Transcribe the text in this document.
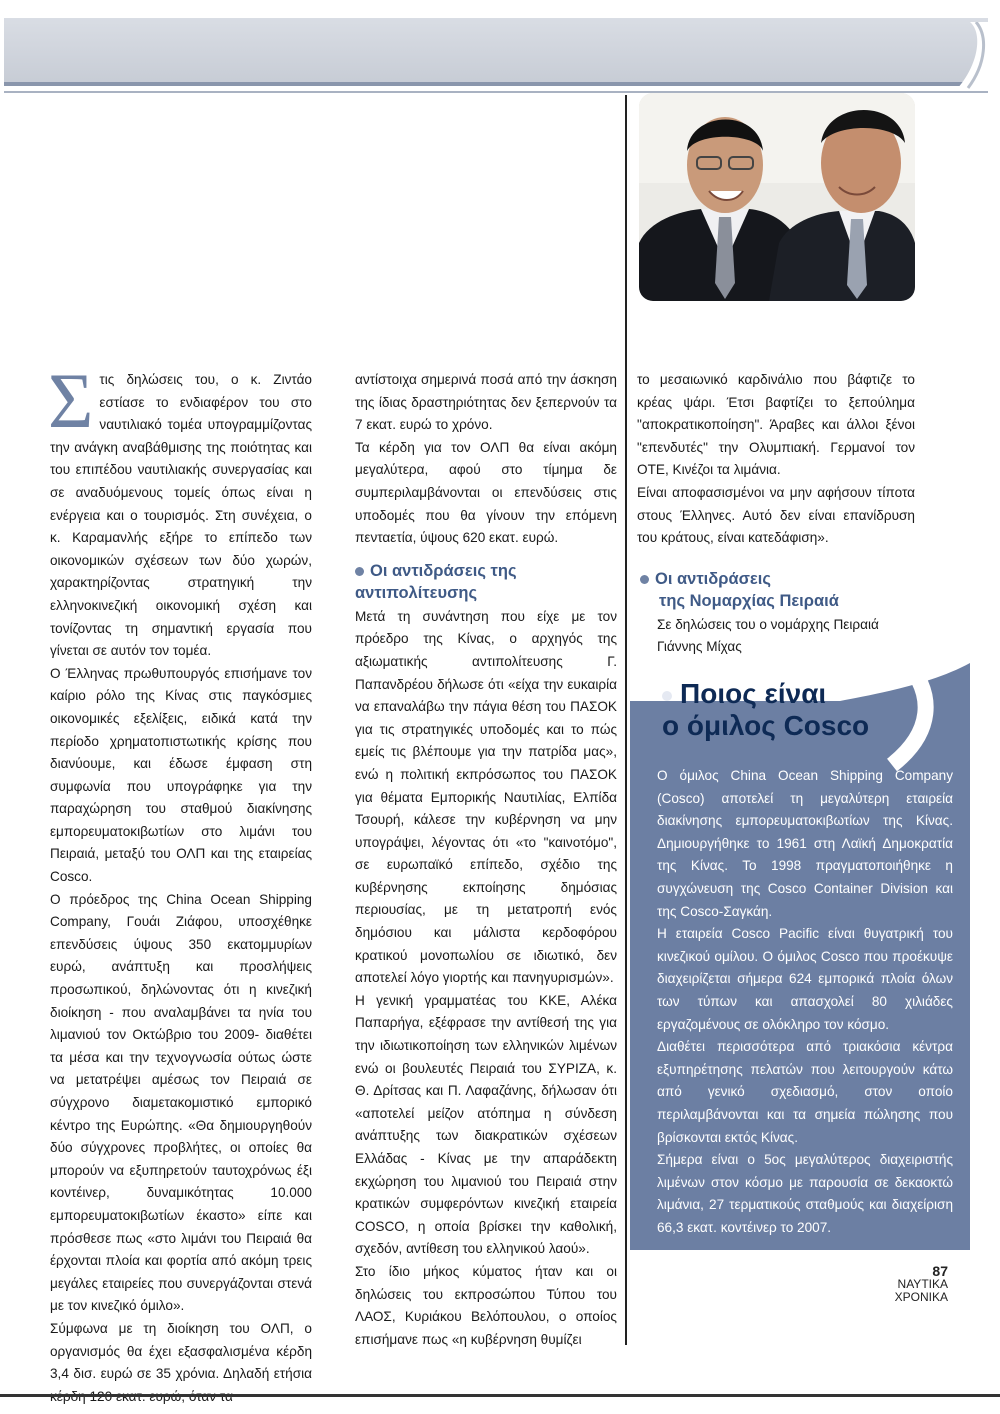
Σ τις δηλώσεις του, ο κ. Ζιντάο εστίασε το ενδιαφέρον του στο ναυτιλιακό τομέα υπογραμμίζοντας την ανάγκη αναβάθμισης της ποιότητας και του επιπέδου ναυτιλιακής συνεργασίας και σε αναδυόμενους τομείς όπως είναι η ενέργεια και ο τουρισμός. Στη συνέχεια, ο κ. Καραμανλής εξήρε το επίπεδο των οικονομικών σχέσεων των δύο χωρών, χαρακτηρίζοντας στρατηγική την ελληνοκινεζική οικονομική σχέση και τονίζοντας τη σημαντική εργασία που γίνεται σε αυτόν τον τομέα.

Ο Έλληνας πρωθυπουργός επισήμανε τον καίριο ρόλο της Κίνας στις παγκόσμιες οικονομικές εξελίξεις, ειδικά κατά την περίοδο χρηματοπιστωτικής κρίσης που διανύουμε, και έδωσε έμφαση στη συμφωνία που υπογράφηκε για την παραχώρηση του σταθμού διακίνησης εμπορευματοκιβωτίων στο λιμάνι του Πειραιά, μεταξύ του ΟΛΠ και της εταιρείας Cosco.

Ο πρόεδρος της China Ocean Shipping Company, Γουάι Ζιάφου, υποσχέθηκε επενδύσεις ύψους 350 εκατομμυρίων ευρώ, ανάπτυξη και προσλήψεις προσωπικού, δηλώνοντας ότι η κινεζική διοίκηση - που αναλαμβάνει τα ηνία του λιμανιού τον Οκτώβριο του 2009- διαθέτει τα μέσα και την τεχνογνωσία ούτως ώστε να μετατρέψει αμέσως τον Πειραιά σε σύγχρονο διαμετακομιστικό εμπορικό κέντρο της Ευρώπης. «Θα δημιουργηθούν δύο σύγχρονες προβλήτες, οι οποίες θα μπορούν να εξυπηρετούν ταυτοχρόνως έξι κοντέινερ, δυναμικότητας 10.000 εμπορευματοκιβωτίων έκαστο» είπε και πρόσθεσε πως «στο λιμάνι του Πειραιά θα έρχονται πλοία και φορτία από ακόμη τρεις μεγάλες εταιρείες που συνεργάζονται στενά με τον κινεζικό όμιλο».

Σύμφωνα με τη διοίκηση του ΟΛΠ, ο οργανισμός θα έχει εξασφαλισμένα κέρδη 3,4 δισ. ευρώ σε 35 χρόνια. Δηλαδή ετήσια

αντίστοιχα σημερινά ποσά από την άσκηση της ίδιας δραστηριότητας δεν ξεπερνούν τα 7 εκατ. ευρώ το χρόνο.

Τα κέρδη για τον ΟΛΠ θα είναι ακόμη μεγαλύτερα, αφού στο τίμημα δε συμπεριλαμβάνονται οι επενδύσεις στις υποδομές που θα γίνουν την επόμενη πενταετία, ύψους 620 εκατ. ευρώ.

Οι αντιδράσεις της αντιπολίτευσης

Μετά τη συνάντηση που είχε με τον πρόεδρο της Κίνας, ο αρχηγός της αξιωματικής αντιπολίτευσης Γ. Παπανδρέου δήλωσε ότι «είχα την ευκαιρία να επαναλάβω την πάγια θέση του ΠΑΣΟΚ για τις στρατηγικές υποδομές και το πώς εμείς τις βλέπουμε για την πατρίδα μας», ενώ η πολιτική εκπρόσωπος του ΠΑΣΟΚ για θέματα Εμπορικής Ναυτιλίας, Ελπίδα Τσουρή, κάλεσε την κυβέρνηση να μην υπογράψει, λέγοντας ότι «το "καινοτόμο", σε ευρωπαϊκό επίπεδο, σχέδιο της κυβέρνησης εκποίησης δημόσιας περιουσίας, με τη μετατροπή ενός δημόσιου και μάλιστα κερδοφόρου κρατικού μονοπωλίου σε ιδιωτικό, δεν αποτελεί λόγο γιορτής και πανηγυρισμών».

Η γενική γραμματέας του ΚΚΕ, Αλέκα Παπαρήγα, εξέφρασε την αντίθεσή της για την ιδιωτικοποίηση των ελληνικών λιμένων ενώ οι βουλευτές Πειραιά του ΣΥΡΙΖΑ, κ. Θ. Δρίτσας και Π. Λαφαζάνης, δήλωσαν ότι «αποτελεί μείζον ατόπημα η σύνδεση ανάπτυξης των διακρατικών σχέσεων Ελλάδας - Κίνας με την απαράδεκτη εκχώρηση του λιμανιού του Πειραιά στην κρατικών συμφερόντων κινεζική εταιρεία COSCO, η οποία βρίσκει την καθολική, σχεδόν, αντίθεση του ελληνικού λαού».

Στο ίδιο μήκος κύματος ήταν και οι δηλώσεις του εκπροσώπου Τύπου του ΛΑΟΣ, Κυριάκου Βελόπουλου, ο οποίος επισήμανε πως «η κυβέρνηση θυμίζει

το μεσαιωνικό καρδινάλιο που βάφτιζε το κρέας ψάρι. Έτσι βαφτίζει το ξεπούλημα "αποκρατικοποίηση". Άραβες και άλλοι ξένοι "επενδυτές" την Ολυμπιακή. Γερμανοί τον ΟΤΕ, Κινέζοι τα λιμάνια.

Είναι αποφασισμένοι να μην αφήσουν τίποτα στους Έλληνες. Αυτό δεν είναι επανίδρυση του κράτους, είναι κατεδάφιση».

Οι αντιδράσεις
της Νομαρχίας Πειραιά

Σε δηλώσεις του ο νομάρχης Πειραιά Γιάννης Μίχας

Ποιος είναι
ο όμιλος Cosco

Ο όμιλος China Ocean Shipping Company (Cosco) αποτελεί τη μεγαλύτερη εταιρεία διακίνησης εμπορευματοκιβωτίων της Κίνας. Δημιουργήθηκε το 1961 στη Λαϊκή Δημοκρατία της Κίνας. Το 1998 πραγματοποιήθηκε η συγχώνευση της Cosco Container Division και της Cosco-Σαγκάη.

Η εταιρεία Cosco Pacific είναι θυγατρική του κινεζικού ομίλου. Ο όμιλος Cosco που προέκυψε διαχειρίζεται σήμερα 624 εμπορικά πλοία όλων των τύπων και απασχολεί 80 χιλιάδες εργαζομένους σε ολόκληρο τον κόσμο.

Διαθέτει περισσότερα από τριακόσια κέντρα εξυπηρέτησης πελατών που λειτουργούν κάτω από γενικό σχεδιασμό, στον οποίο περιλαμβάνονται και τα σημεία πώλησης που βρίσκονται εκτός Κίνας.

Σήμερα είναι ο 5ος μεγαλύτερος διαχειριστής λιμένων στον κόσμο με παρουσία σε δεκαοκτώ λιμάνια, 27 τερματικούς σταθμούς και διαχείριση 66,3 εκατ. κοντέινερ το 2007.

87
ΝΑΥΤΙΚΑ
ΧΡΟΝΙΚΑ
